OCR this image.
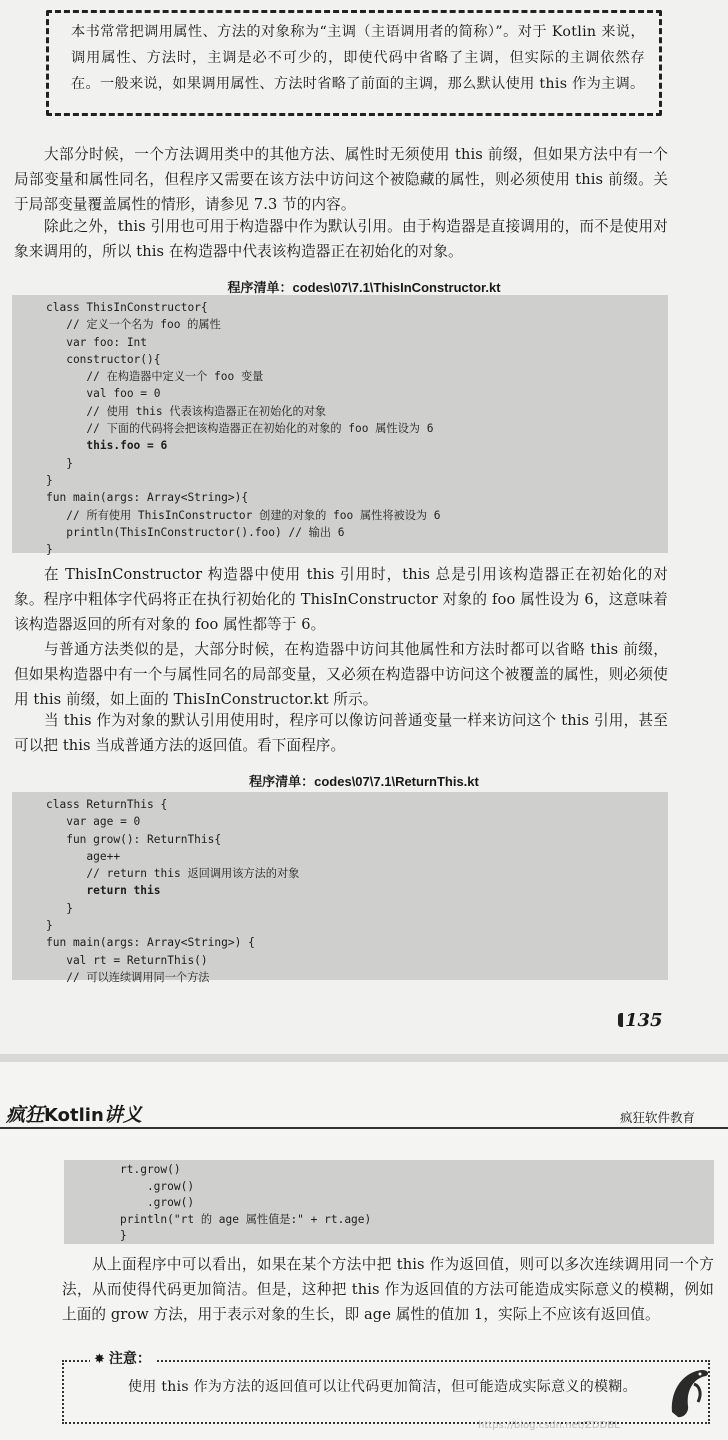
本书常常把调用属性、方法的对象称为“主调（主语调用者的简称）”。对于 Kotlin 来说，调用属性、方法时，主调是必不可少的，即使代码中省略了主调，但实际的主调依然存在。一般来说，如果调用属性、方法时省略了前面的主调，那么默认使用 this 作为主调。
大部分时候，一个方法调用类中的其他方法、属性时无须使用 this 前缀，但如果方法中有一个局部变量和属性同名，但程序又需要在该方法中访问这个被隐藏的属性，则必须使用 this 前缀。关于局部变量覆盖属性的情形，请参见 7.3 节的内容。
除此之外，this 引用也可用于构造器中作为默认引用。由于构造器是直接调用的，而不是使用对象来调用的，所以 this 在构造器中代表该构造器正在初始化的对象。
程序清单：codes\07\7.1\ThisInConstructor.kt
class ThisInConstructor{
// 定义一个名为 foo 的属性
var foo: Int
constructor(){
// 在构造器中定义一个 foo 变量
val foo = 0
// 使用 this 代表该构造器正在初始化的对象
// 下面的代码将会把该构造器正在初始化的对象的 foo 属性设为 6
this.foo = 6
}
}
fun main(args: Array<String>){
// 所有使用 ThisInConstructor 创建的对象的 foo 属性将被设为 6
println(ThisInConstructor().foo) // 输出 6
}
在 ThisInConstructor 构造器中使用 this 引用时，this 总是引用该构造器正在初始化的对象。程序中粗体字代码将正在执行初始化的 ThisInConstructor 对象的 foo 属性设为 6，这意味着该构造器返回的所有对象的 foo 属性都等于 6。
与普通方法类似的是，大部分时候，在构造器中访问其他属性和方法时都可以省略 this 前缀，但如果构造器中有一个与属性同名的局部变量，又必须在构造器中访问这个被覆盖的属性，则必须使用 this 前缀，如上面的 ThisInConstructor.kt 所示。
当 this 作为对象的默认引用使用时，程序可以像访问普通变量一样来访问这个 this 引用，甚至可以把 this 当成普通方法的返回值。看下面程序。
程序清单：codes\07\7.1\ReturnThis.kt
class ReturnThis {
var age = 0
fun grow(): ReturnThis{
age++
// return this 返回调用该方法的对象
return this
}
}
fun main(args: Array<String>) {
val rt = ReturnThis()
// 可以连续调用同一个方法
135
疯狂Kotlin讲义	疯狂软件教育
rt.grow()
.grow()
.grow()
println("rt 的 age 属性值是:" + rt.age)
}
从上面程序中可以看出，如果在某个方法中把 this 作为返回值，则可以多次连续调用同一个方法，从而使得代码更加简洁。但是，这种把 this 作为返回值的方法可能造成实际意义的模糊，例如上面的 grow 方法，用于表示对象的生长，即 age 属性的值加 1，实际上不应该有返回值。
使用 this 作为方法的返回值可以让代码更加简洁，但可能造成实际意义的模糊。
✸ 注意：
https://blog.csdn.net/ZDDBL
